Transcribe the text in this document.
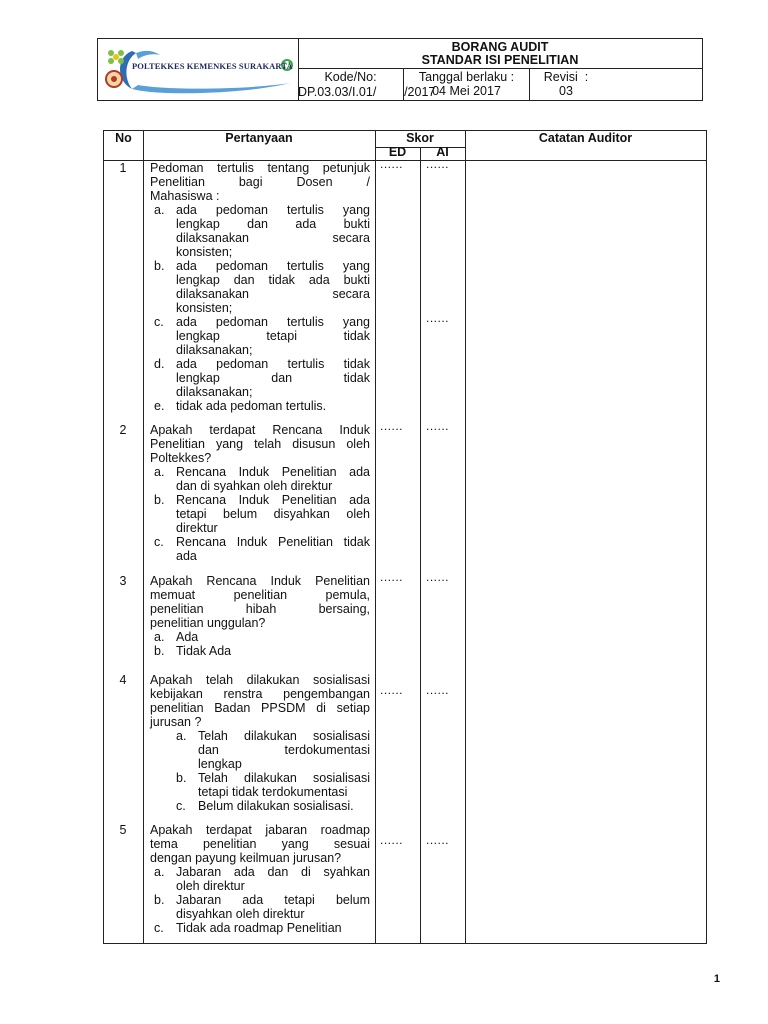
POLTEKKES KEMENKES SURAKARTA
BORANG AUDIT
STANDAR ISI PENELITIAN
Kode/No:
DP.03.03/I.01/        /2017
Tanggal berlaku :
04 Mei 2017
Revisi  :
03
No	Pertanyaan	Skor
ED	AI
Catatan Auditor
1	Pedoman tertulis tentang petunjuk
Penelitian bagi Dosen /
Mahasiswa :
a. ada pedoman tertulis yang
lengkap dan ada bukti
dilaksanakan secara
konsisten;
b. ada pedoman tertulis yang
lengkap dan tidak ada bukti
dilaksanakan secara
konsisten;
c. ada pedoman tertulis yang
lengkap tetapi tidak
dilaksanakan;
d. ada pedoman tertulis tidak
lengkap dan tidak
dilaksanakan;
e. tidak ada pedoman tertulis.
...... ......
......
2	Apakah terdapat Rencana Induk
Penelitian yang telah disusun oleh
Poltekkes?
a. Rencana Induk Penelitian ada
dan di syahkan oleh direktur
b. Rencana Induk Penelitian ada
tetapi belum disyahkan oleh
direktur
c. Rencana Induk Penelitian tidak
ada
...... ......
3	Apakah Rencana Induk Penelitian
memuat penelitian pemula,
penelitian hibah bersaing,
penelitian unggulan?
a. Ada
b. Tidak Ada
...... ......
4	Apakah telah dilakukan sosialisasi
kebijakan renstra pengembangan
penelitian Badan PPSDM di setiap
jurusan ?
a. Telah dilakukan sosialisasi
dan terdokumentasi
lengkap
b. Telah dilakukan sosialisasi
tetapi tidak terdokumentasi
c. Belum dilakukan sosialisasi.
...... ......
5	Apakah terdapat jabaran roadmap
tema penelitian yang sesuai
dengan payung keilmuan jurusan?
a. Jabaran ada dan di syahkan
oleh direktur
b. Jabaran ada tetapi belum
disyahkan oleh direktur
c. Tidak ada roadmap Penelitian
...... ......
1
